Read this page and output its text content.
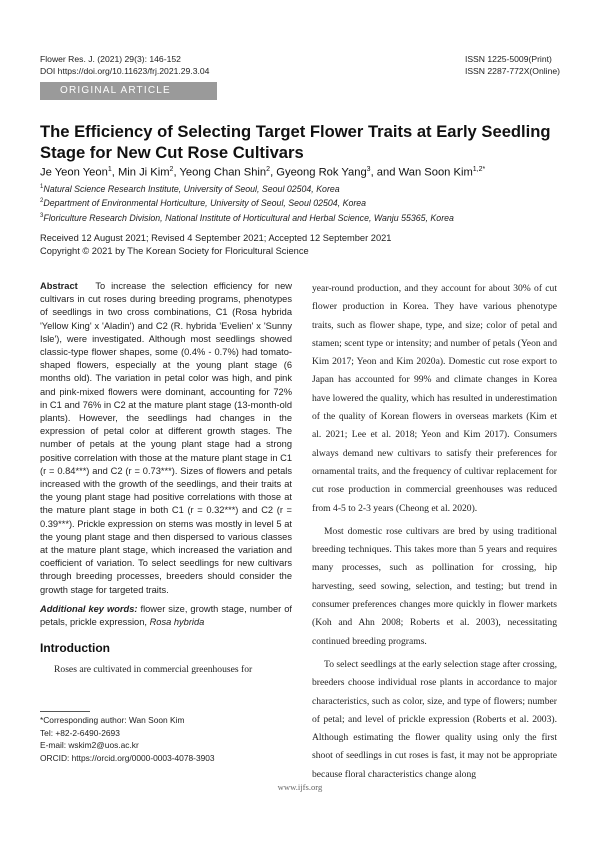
Flower Res. J. (2021) 29(3): 146-152
DOI https://doi.org/10.11623/frj.2021.29.3.04
ISSN 1225-5009(Print)
ISSN 2287-772X(Online)
ORIGINAL ARTICLE
The Efficiency of Selecting Target Flower Traits at Early Seedling Stage for New Cut Rose Cultivars
Je Yeon Yeon$^1$, Min Ji Kim$^2$, Yeong Chan Shin$^2$, Gyeong Rok Yang$^3$, and Wan Soon Kim$^{1,2*}$
$^1$Natural Science Research Institute, University of Seoul, Seoul 02504, Korea
$^2$Department of Environmental Horticulture, University of Seoul, Seoul 02504, Korea
$^3$Floriculture Research Division, National Institute of Horticultural and Herbal Science, Wanju 55365, Korea
Received 12 August 2021; Revised 4 September 2021; Accepted 12 September 2021
Copyright © 2021 by The Korean Society for Floricultural Science

Abstract To increase the selection efficiency for new cultivars in cut roses during breeding programs, phenotypes of seedlings in two cross combinations, C1 (Rosa hybrida 'Yellow King' x 'Aladin') and C2 (R. hybrida 'Evelien' x 'Sunny Isle'), were investigated. Although most seedlings showed classic-type flower shapes, some (0.4% - 0.7%) had tomato-shaped flowers, especially at the young plant stage (6 months old). The variation in petal color was high, and pink and pink-mixed flowers were dominant, accounting for 72% in C1 and 76% in C2 at the mature plant stage (13-month-old plants). However, the seedlings had changes in the expression of petal color at different growth stages. The number of petals at the young plant stage had a strong positive correlation with those at the mature plant stage in C1 (r = 0.84***) and C2 (r = 0.73***). Sizes of flowers and petals increased with the growth of the seedlings, and their traits at the young plant stage had positive correlations with those at the mature plant stage in both C1 (r = 0.32***) and C2 (r = 0.39***). Prickle expression on stems was mostly in level 5 at the young plant stage and then dispersed to various classes at the mature plant stage, which increased the variation and coefficient of variation. To select seedlings for new cultivars through breeding processes, breeders should consider the growth stage for targeted traits.

Additional key words: flower size, growth stage, number of petals, prickle expression, Rosa hybrida

Introduction

Roses are cultivated in commercial greenhouses for

*Corresponding author: Wan Soon Kim
Tel: +82-2-6490-2693
E-mail: wskim2@uos.ac.kr
ORCID: https://orcid.org/0000-0003-4078-3903

year-round production, and they account for about 30% of cut flower production in Korea. They have various phenotype traits, such as flower shape, type, and size; color of petal and stamen; scent type or intensity; and number of petals (Yeon and Kim 2017; Yeon and Kim 2020a). Domestic cut rose export to Japan has accounted for 99% and climate changes in Korea have lowered the quality, which has resulted in underestimation of the quality of Korean flowers in overseas markets (Kim et al. 2021; Lee et al. 2018; Yeon and Kim 2017). Consumers always demand new cultivars to satisfy their preferences for ornamental traits, and the frequency of cultivar replacement for cut rose production in commercial greenhouses was reduced from 4-5 to 2-3 years (Cheong et al. 2020).

Most domestic rose cultivars are bred by using traditional breeding techniques. This takes more than 5 years and requires many processes, such as pollination for crossing, hip harvesting, seed sowing, selection, and testing; but trend in consumer preferences changes more quickly in flower markets (Koh and Ahn 2008; Roberts et al. 2003), necessitating continued breeding programs.

To select seedlings at the early selection stage after crossing, breeders choose individual rose plants in accordance to major characteristics, such as color, size, and type of flowers; number of petal; and level of prickle expression (Roberts et al. 2003). Although estimating the flower quality using only the first shoot of seedlings in cut roses is fast, it may not be appropriate because floral characteristics change along

www.ijfs.org
